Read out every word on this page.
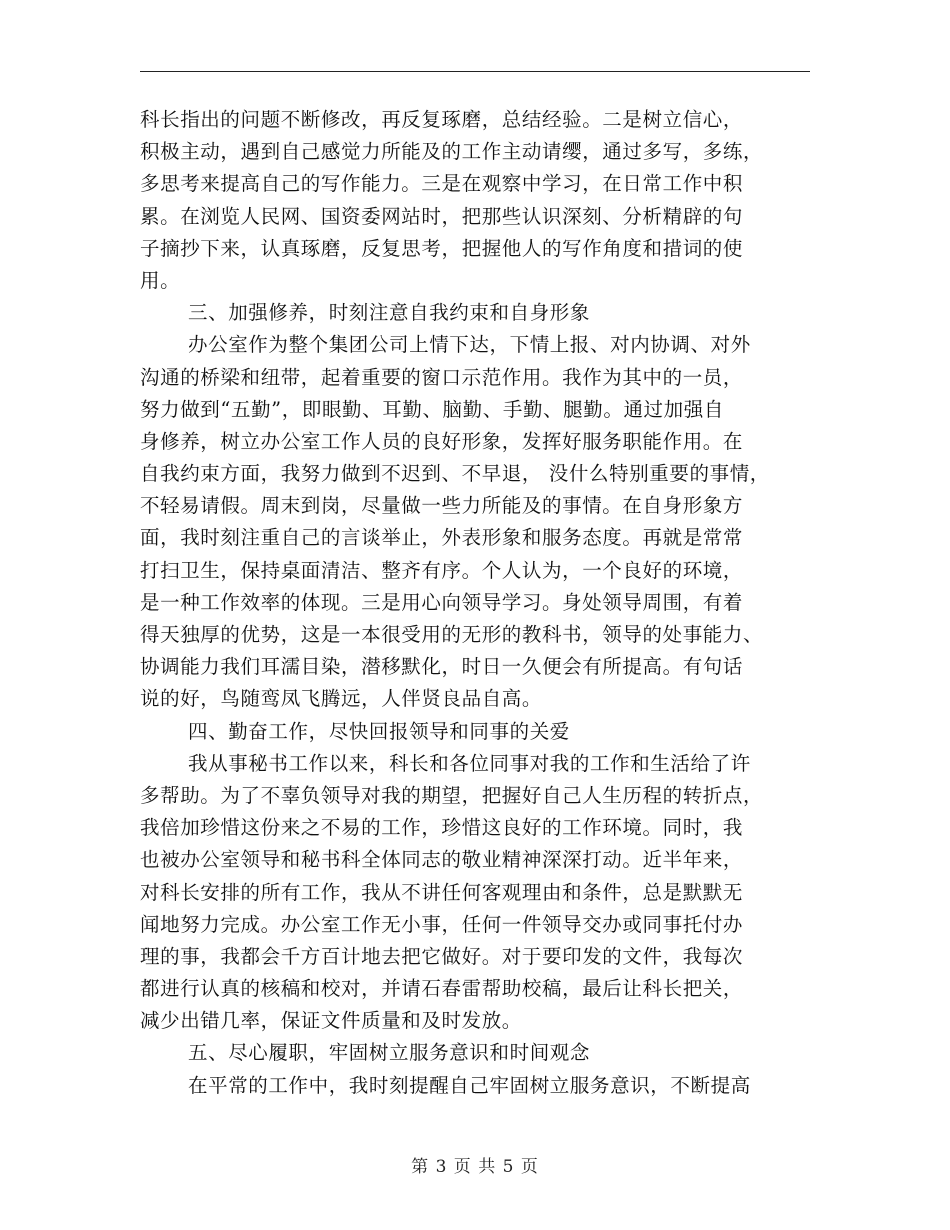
科长指出的问题不断修改，再反复琢磨，总结经验。二是树立信心，
积极主动，遇到自己感觉力所能及的工作主动请缨，通过多写，多练，
多思考来提高自己的写作能力。三是在观察中学习，在日常工作中积
累。在浏览人民网、国资委网站时，把那些认识深刻、分析精辟的句
子摘抄下来，认真琢磨，反复思考，把握他人的写作角度和措词的使
用。
三、加强修养，时刻注意自我约束和自身形象
办公室作为整个集团公司上情下达，下情上报、对内协调、对外
沟通的桥梁和纽带，起着重要的窗口示范作用。我作为其中的一员，
努力做到“五勤”，即眼勤、耳勤、脑勤、手勤、腿勤。通过加强自
身修养，树立办公室工作人员的良好形象，发挥好服务职能作用。在
自我约束方面，我努力做到不迟到、不早退， 没什么特别重要的事情，
不轻易请假。周末到岗，尽量做一些力所能及的事情。在自身形象方
面，我时刻注重自己的言谈举止，外表形象和服务态度。再就是常常
打扫卫生，保持桌面清洁、整齐有序。个人认为，一个良好的环境，
是一种工作效率的体现。三是用心向领导学习。身处领导周围，有着
得天独厚的优势，这是一本很受用的无形的教科书，领导的处事能力、
协调能力我们耳濡目染，潜移默化，时日一久便会有所提高。有句话
说的好，鸟随鸾凤飞腾远，人伴贤良品自高。
四、勤奋工作，尽快回报领导和同事的关爱
我从事秘书工作以来，科长和各位同事对我的工作和生活给了许
多帮助。为了不辜负领导对我的期望，把握好自己人生历程的转折点，
我倍加珍惜这份来之不易的工作，珍惜这良好的工作环境。同时，我
也被办公室领导和秘书科全体同志的敬业精神深深打动。近半年来，
对科长安排的所有工作，我从不讲任何客观理由和条件，总是默默无
闻地努力完成。办公室工作无小事，任何一件领导交办或同事托付办
理的事，我都会千方百计地去把它做好。对于要印发的文件，我每次
都进行认真的核稿和校对，并请石春雷帮助校稿，最后让科长把关，
减少出错几率，保证文件质量和及时发放。
五、尽心履职，牢固树立服务意识和时间观念
在平常的工作中，我时刻提醒自己牢固树立服务意识，不断提高
第 3 页 共 5 页
